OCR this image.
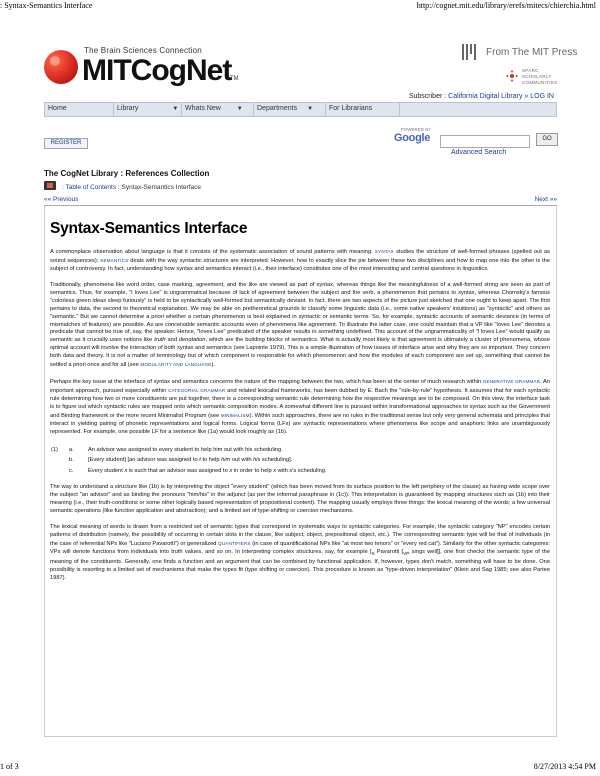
: Syntax-Semantics Interface	http://cognet.mit.edu/library/erefs/mitecs/chierchia.html
The Brain Sciences Connection
MITCogNet
TM
From The MIT Press
SPARC
SCHOLARLY
COMMUNITIES
Subscriber : California Digital Library » LOG IN
Home	Library	▼ Whats New	▼ Departments ▼ For Librarians
REGISTER
POWERED BY
Google	GO
Advanced Search
The CogNet Library : References Collection
: Table of Contents : Syntax-Semantics Interface
«« Previous	Next »»
Syntax-Semantics Interface

A commonplace observation about language is that it consists of the systematic association of sound patterns with meaning. SYNTAX studies the structure of well-formed phrases (spelled out as sound sequences); SEMANTICS deals with the way syntactic structures are interpreted. However, how to exactly slice the pie between these two disciplines and how to map one into the other is the subject of controversy. In fact, understanding how syntax and semantics interact (i.e., their interface) constitutes one of the most interesting and central questions in linguistics.

Traditionally, phenomena like word order, case marking, agreement, and the like are viewed as part of syntax, whereas things like the meaningfulness of a well-formed string are seen as part of semantics. Thus, for example, "I loves Lee" is ungrammatical because of lack of agreement between the subject and the verb, a phenomenon that pertains to syntax, whereas Chomsky's famous "colorless green ideas sleep furiously" is held to be syntactically well-formed but semantically deviant. In fact, there are two aspects of the picture just sketched that one ought to keep apart. The first pertains to data, the second to theoretical explanation. We may be able on pretheoretical grounds to classify some linguistic data (i.e., some native speakers' intuitions) as "syntactic" and others as "semantic." But we cannot determine a priori whether a certain phenomenon is best explained in syntactic or semantic terms. So, for example, syntactic accounts of semantic deviance (in terms of mismatches of features) are possible. As are conceivable semantic accounts even of phenomena like agreement. To illustrate the latter case, one could maintain that a VP like "loves Lee" denotes a predicate that cannot be true of, say, the speaker. Hence, "loves Lee" predicated of the speaker results in something undefined. This account of the ungrammaticality of "I loves Lee" would qualify as semantic as it crucially uses notions like truth and denotation, which are the building blocks of semantics. What is actually most likely is that agreement is ultimately a cluster of phenomena, whose optimal account will involve the interaction of both syntax and semantics (see Lapointe 1979). This is a simple illustration of how issues of interface arise and why they are so important. They concern both data and theory. It is not a matter of terminology but of which component is responsible for which phenomenon and how the modules of each component are set up, something that cannot be settled a priori once and for all (see MODULARITY AND LANGUAGE).

Perhaps the key issue at the interface of syntax and semantics concerns the nature of the mapping between the two, which has been at the center of much research within GENERATIVE GRAMMAR. An important approach, pursued especially within CATEGORIAL GRAMMAR and related lexicalist frameworks, has been dubbed by E. Bach the "rule-by-rule" hypothesis. It assumes that for each syntactic rule determining how two or more constituents are put together, there is a corresponding semantic rule determining how the respective meanings are to be composed. On this view, the interface task is to figure out which syntactic rules are mapped onto which semantic composition modes. A somewhat different line is pursued within transformational approaches to syntax such as the Government and Binding framework or the more recent Minimalist Program (see MINIMALISM). Within such approaches, there are no rules in the traditional sense but only very general schemata and principles that interact in yielding pairing of phonetic representations and logical forms. Logical forms (LFs) are syntactic representations where phenomena like scope and anaphoric links are unambiguously represented. For example, one possible LF for a sentence like (1a) would look roughly as (1b).

(1) a.	An advisor was assigned to every student to help him out with his scheduling.
b.	[Every student] [an advisor was assigned to t to help him out with his scheduling].
c.	Every student x is such that an advisor was assigned to x in order to help x with x's scheduling.

The way to understand a structure like (1b) is by interpreting the object "every student" (which has been moved from its surface position to the left periphery of the clause) as having wide scope over the subject "an advisor" and as binding the pronouns "him/his" in the adjunct (as per the informal paraphrase in (1c)). This interpretation is guaranteed by mapping structures such as (1b) into their meaning (i.e., their truth-conditions or some other logically based representation of propositional content). The mapping usually employs three things: the lexical meaning of the words; a few universal semantic operations (like function application and abstraction); and a limited set of type-shifting or coercion mechanisms.

The lexical meaning of words is drawn from a restricted set of semantic types that correspond in systematic ways to syntactic categories. For example, the syntactic category "NP" encodes certain patterns of distribution (namely, the possibility of occurring in certain slots in the clause, like subject, object, prepositional object, etc.). The corresponding semantic type will be that of individuals (in the case of referential NPs like "Luciano Pavarotti") or generalized QUANTIFIERS (in case of quantificational NPs like "at most two tenors" or "every red cat"). Similarly for the other syntactic categories: VPs will denote functions from individuals into truth values, and so on. In interpreting complex structures, say, for example [$_S$ Pavarotti [$_{VP}$ sings well]], one first checks the semantic type of the meaning of the constituents. Generally, one finds a function and an argument that can be combined by functional application. If, however, types don't match, something will have to be done. One possibility is resorting to a limited set of mechanisms that make the types fit (type shifting or coercion). This procedure is known as "type-driven interpretation" (Klein and Sag 1985; see also Partee 1987).

1 of 3	8/27/2013 4:54 PM
